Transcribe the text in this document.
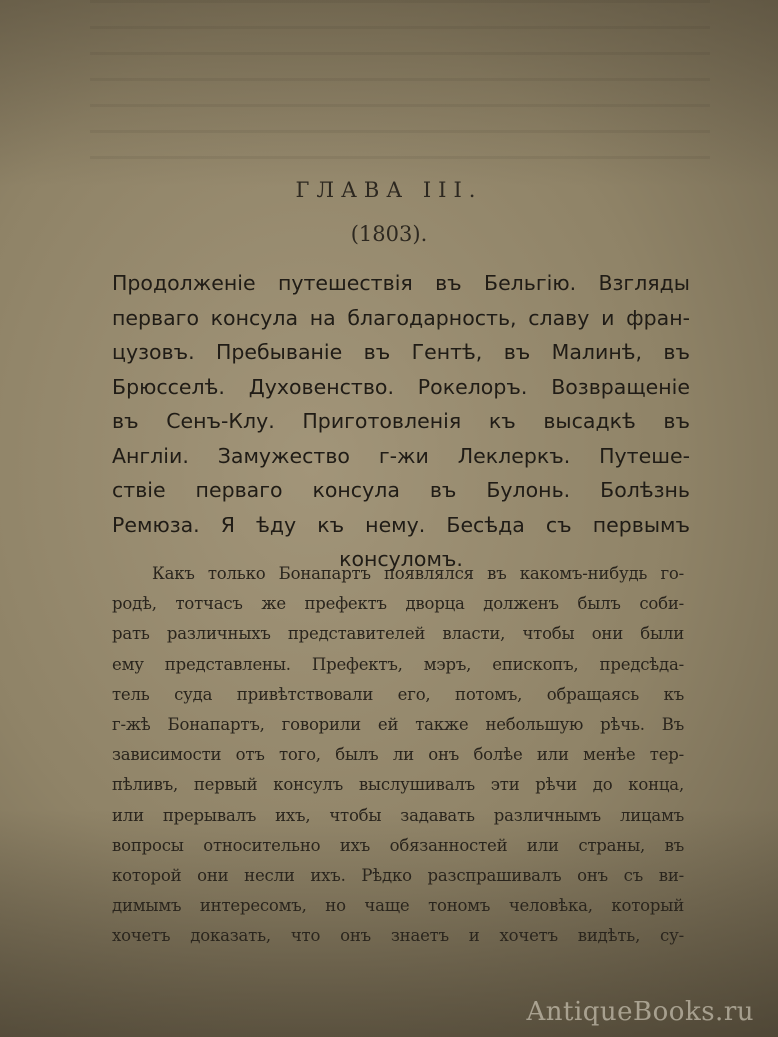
ГЛАВА III.
(1803).
Продолженіе путешествія въ Бельгію. Взгляды
перваго консула на благодарность, славу и фран-
цузовъ. Пребываніе въ Гентѣ, въ Малинѣ, въ
Брюсселѣ. Духовенство. Рокелоръ. Возвращеніе
въ Сенъ-Клу. Приготовленія къ высадкѣ въ
Англіи. Замужество г-жи Леклеркъ. Путеше-
ствіе перваго консула въ Булонь. Болѣзнь
Ремюза. Я ѣду къ нему. Бесѣда съ первымъ
консуломъ.
Какъ только Бонапартъ появлялся въ какомъ-нибудь го-
родѣ, тотчасъ же префектъ дворца долженъ былъ соби-
рать различныхъ представителей власти, чтобы они были
ему представлены. Префектъ, мэръ, епископъ, предсѣда-
тель суда привѣтствовали его, потомъ, обращаясь къ
г-жѣ Бонапартъ, говорили ей также небольшую рѣчь. Въ
зависимости отъ того, былъ ли онъ болѣе или менѣе тер-
пѣливъ, первый консулъ выслушивалъ эти рѣчи до конца,
или прерывалъ ихъ, чтобы задавать различнымъ лицамъ
вопросы относительно ихъ обязанностей или страны, въ
которой они несли ихъ. Рѣдко разспрашивалъ онъ съ ви-
димымъ интересомъ, но чаще тономъ человѣка, который
хочетъ доказать, что онъ знаетъ и хочетъ видѣть, су-
AntiqueBooks.ru
